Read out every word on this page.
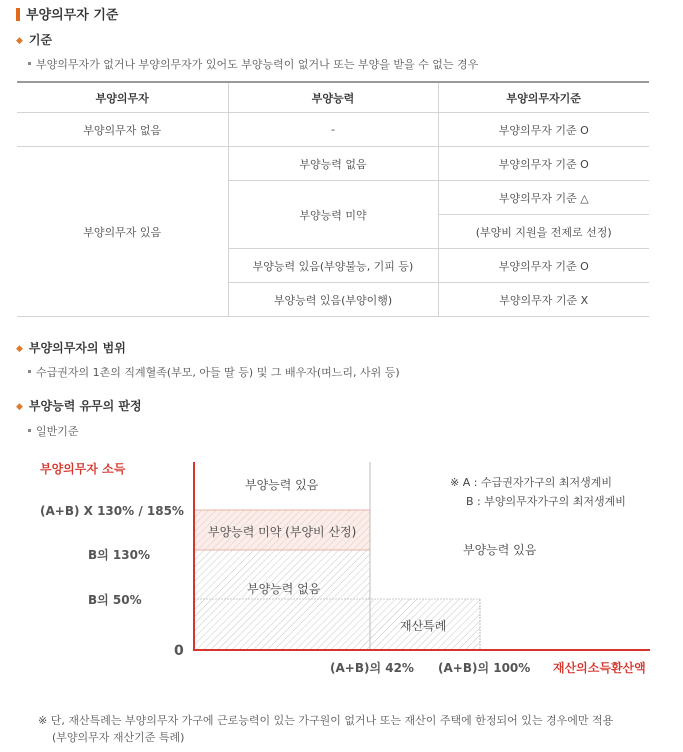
부양의무자 기준
◆ 기준
부양의무자가 없거나 부양의무자가 있어도 부양능력이 없거나 또는 부양을 받을 수 없는 경우
부양의무자	부양능력	부양의무자기준
부양의무자 없음	-	부양의무자 기준 O
부양의무자 있음	부양능력 없음	부양의무자 기준 O
	부양능력 미약	부양의무자 기준 △
		(부양비 지원을 전제로 선정)
	부양능력 있음(부양불능, 기피 등)	부양의무자 기준 O
	부양능력 있음(부양이행)	부양의무자 기준 X
◆ 부양의무자의 범위
수급권자의 1촌의 직계혈족(부모, 아들 딸 등) 및 그 배우자(며느리, 사위 등)
◆ 부양능력 유무의 판정
일반기준
부양의무자 소득
(A+B) X 130% / 185%
B의 130%
B의 50%
0
부양능력 있음
부양능력 미약 (부양비 산정)
부양능력 없음
재산특례
부양능력 있음
※ A : 수급권자가구의 최저생계비
B : 부양의무자가구의 최저생계비
(A+B)의 42% (A+B)의 100% 재산의소득환산액
※ 단, 재산특례는 부양의무자 가구에 근로능력이 있는 가구원이 없거나 또는 재산이 주택에 한정되어 있는 경우에만 적용
(부양의무자 재산기준 특례)
